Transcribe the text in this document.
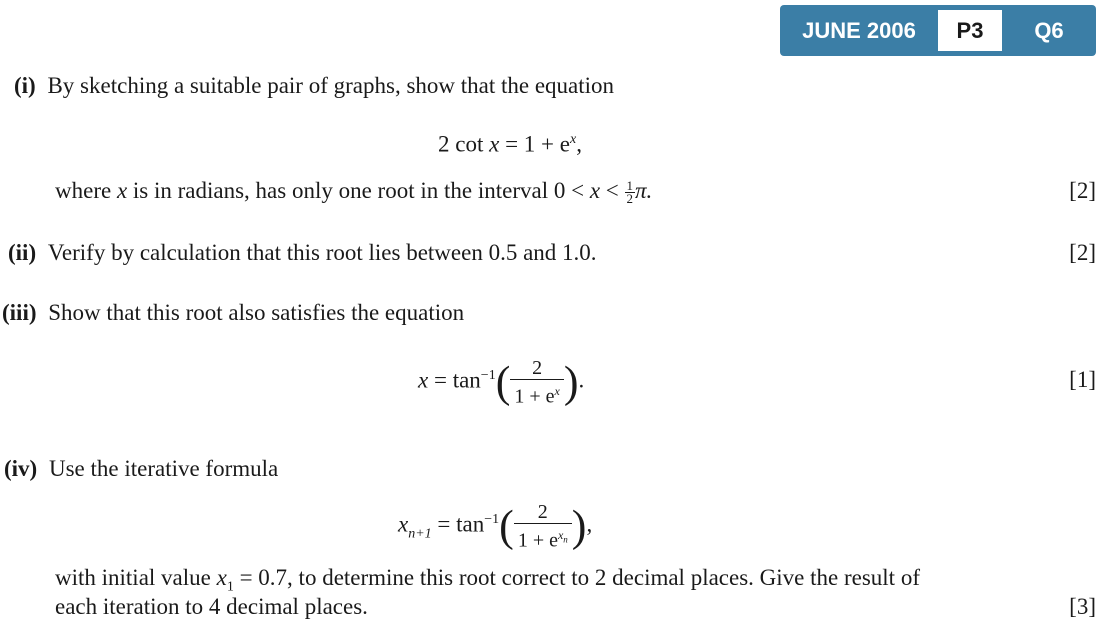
JUNE 2006	P3	Q6
(i) By sketching a suitable pair of graphs, show that the equation
2 $\cot x = 1 + e^x$,
where x is in radians, has only one root in the interval $0 < x < \frac{1}{2} \pi$.	[2]
(ii) Verify by calculation that this root lies between 0.5 and 1.0.	[2]
(iii) Show that this root also satisfies the equation
$x = \tan^{-1}( \frac{2}{1 + e^x}$ ).	[1]
(iv) Use the iterative formula
$x_{n+1} = \tan^{-1}$(	2
$1 + e^{x_n}$ ),
with initial value $x_1 = 0.7$, to determine this root correct to 2 decimal places. Give the result of
each iteration to 4 decimal places.	[3]
